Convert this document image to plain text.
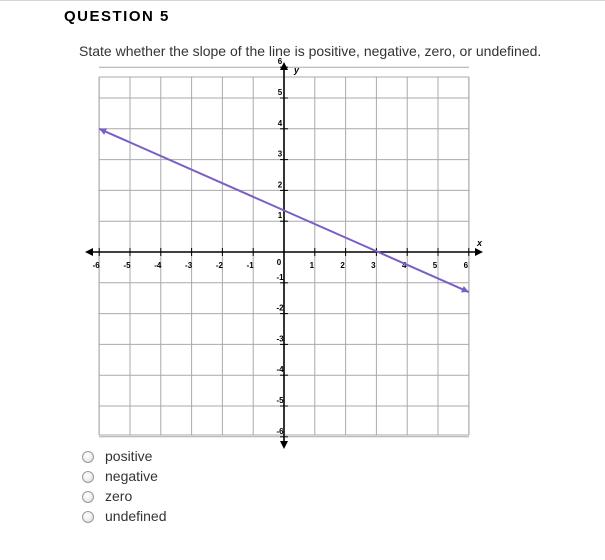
QUESTION 5
State whether the slope of the line is positive, negative, zero, or undefined.
-6	-5	-4	-3	-2	-1	1	2	3	4	5	6
-6
-5
-4
-3
-2
-1
1
2
3
4
5
6
0
x
y
positive
negative
zero
undefined
